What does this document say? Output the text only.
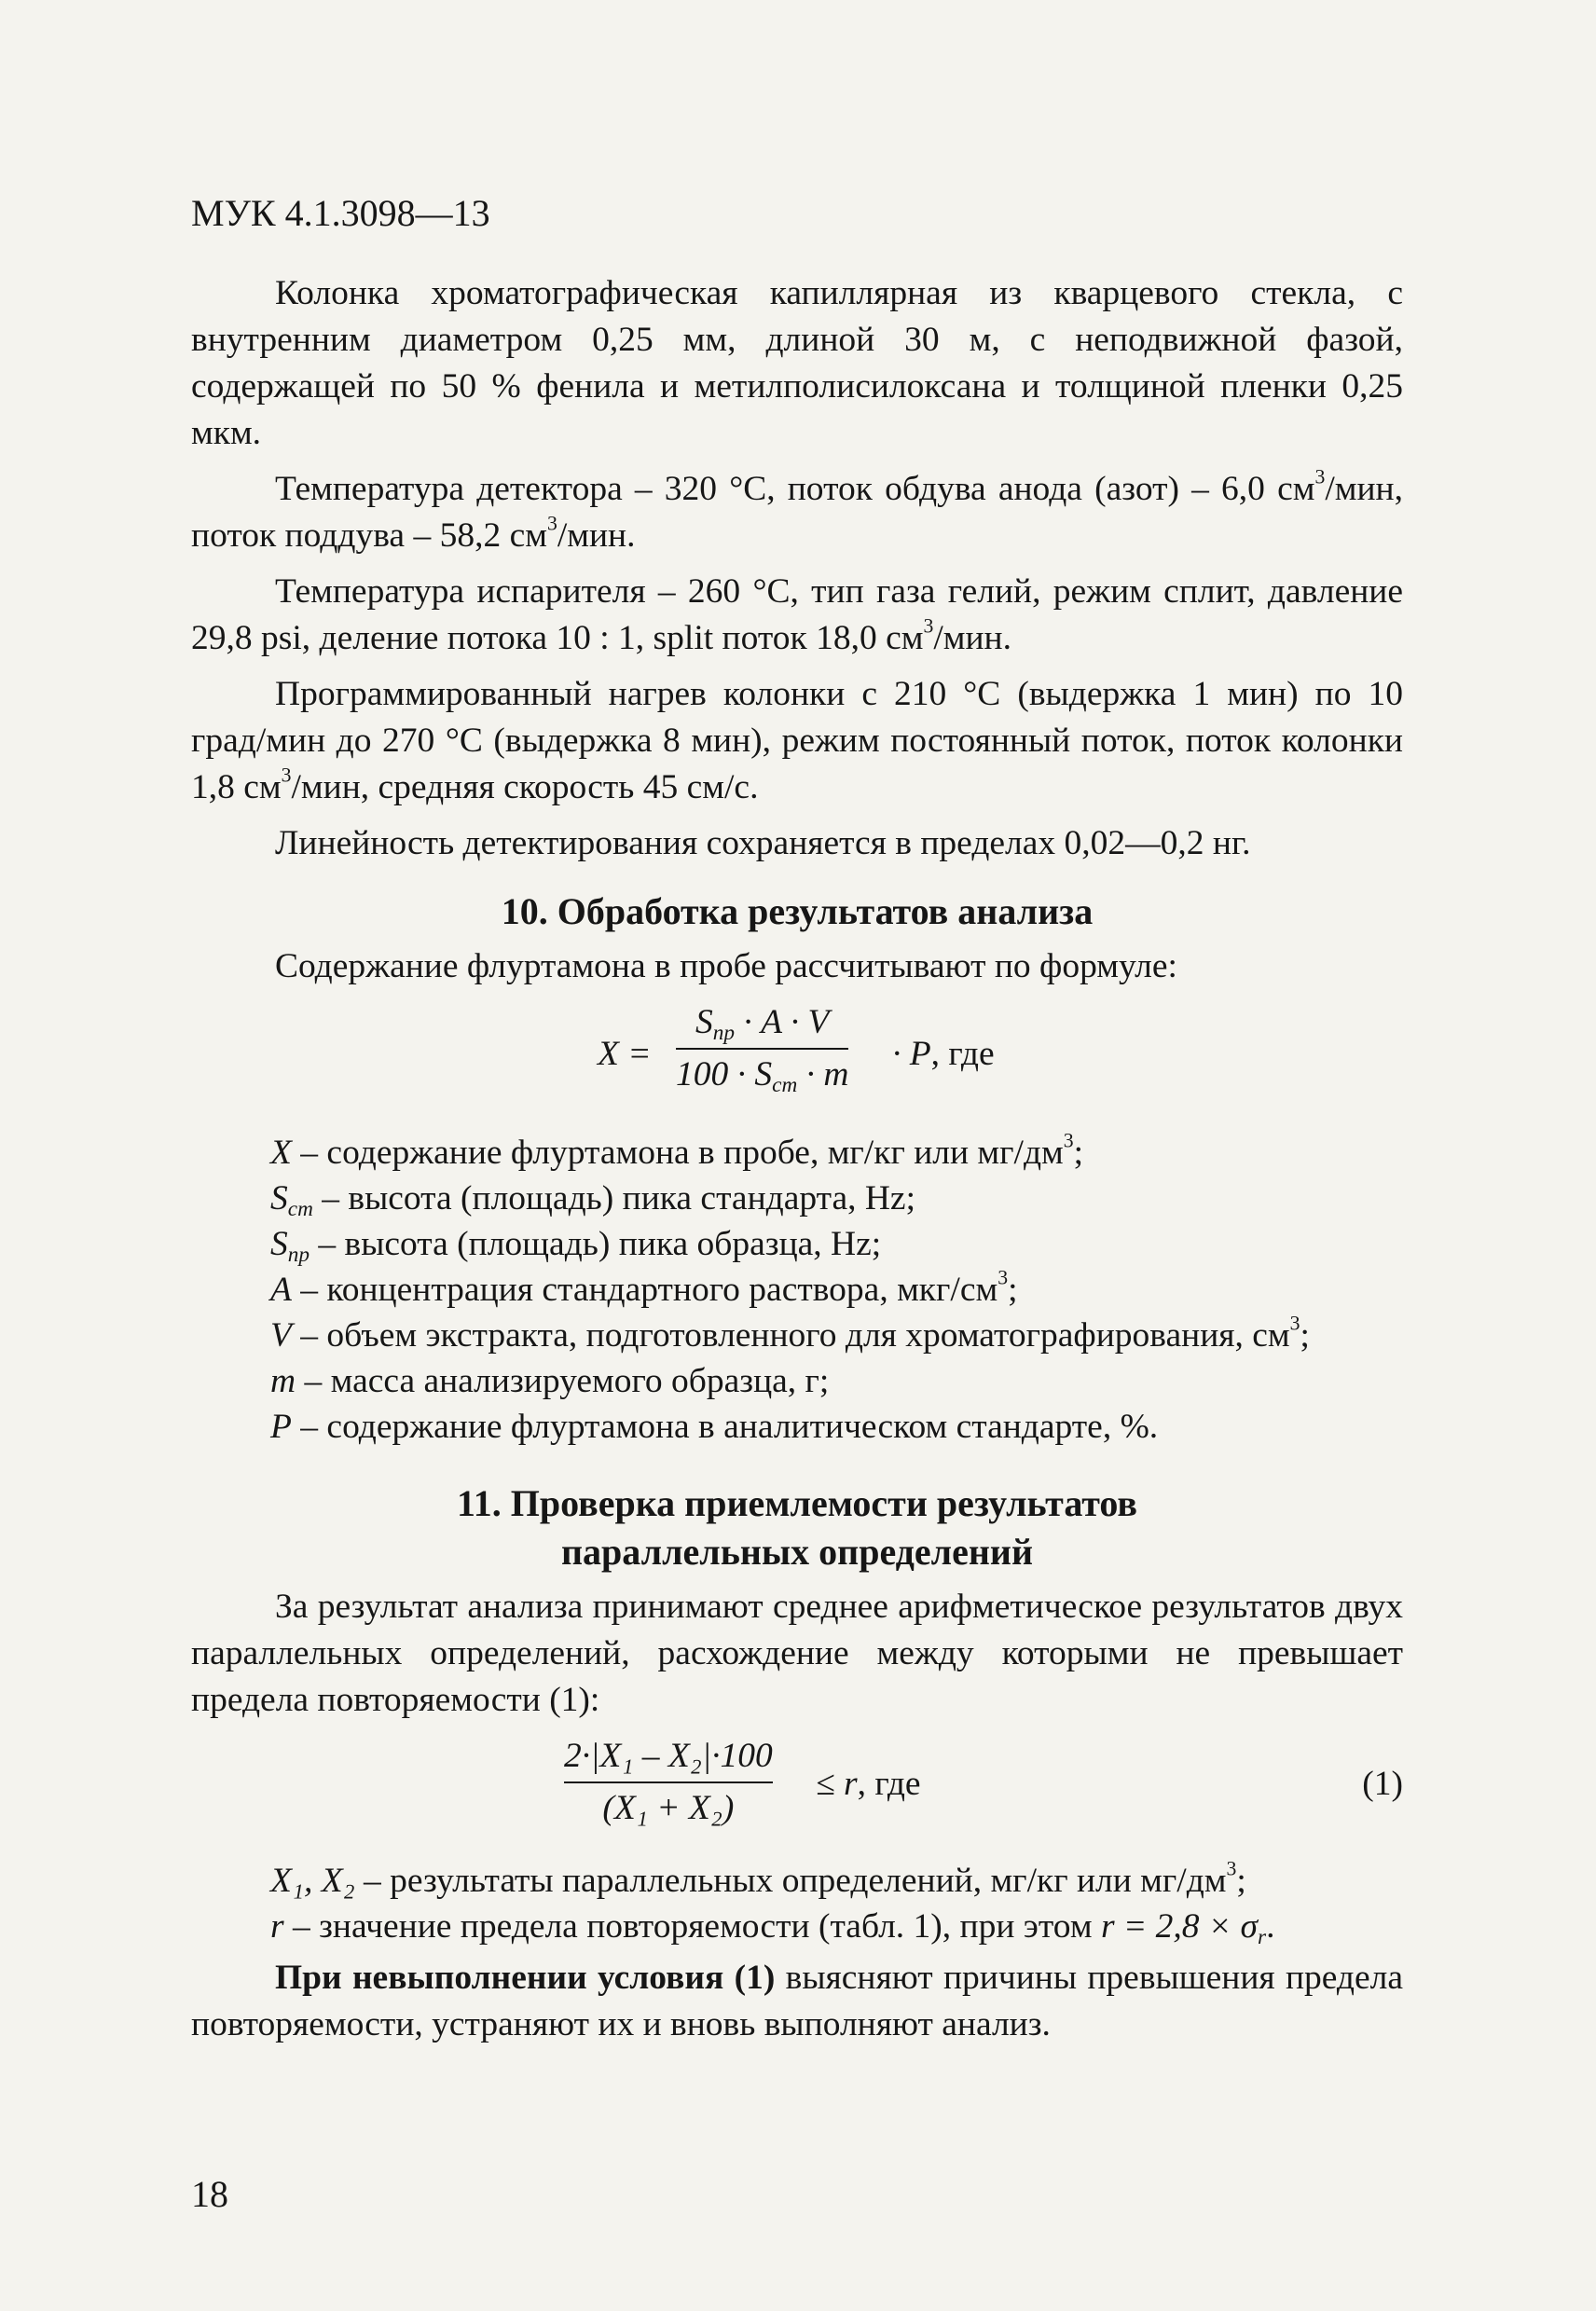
МУК 4.1.3098—13

Колонка хроматографическая капиллярная из кварцевого стекла, с внутренним диаметром 0,25 мм, длиной 30 м, с неподвижной фазой, содержащей по 50 % фенила и метилполисилоксана и толщиной пленки 0,25 мкм.

Температура детектора – 320 °С, поток обдува анода (азот) – 6,0 $см^3$/мин, поток поддува – 58,2 $см^3$/мин.

Температура испарителя – 260 °С, тип газа гелий, режим сплит, давление 29,8 psi, деление потока 10 : 1, split поток 18,0 $см^3$/мин.

Программированный нагрев колонки с 210 °С (выдержка 1 мин) по 10 град/мин до 270 °С (выдержка 8 мин), режим постоянный поток, поток колонки 1,8 $см^3$/мин, средняя скорость 45 см/с.

Линейность детектирования сохраняется в пределах 0,02—0,2 нг.

10. Обработка результатов анализа

Содержание флуртамона в пробе рассчитывают по формуле:

X =
$S_{пр} \cdot A \cdot V$
$100 \cdot S_{ст} \cdot m$
· P, где
X – содержание флуртамона в пробе, мг/кг или $мг/дм^3$;
$S_{ст}$ – высота (площадь) пика стандарта, Hz;
$S_{пр}$ – высота (площадь) пика образца, Hz;
A – концентрация стандартного раствора, мкг/$см^3$;
V – объем экстракта, подготовленного для хроматографирования, $см^3$;
m – масса анализируемого образца, г;
P – содержание флуртамона в аналитическом стандарте, %.
11. Проверка приемлемости результатов
параллельных определений

За результат анализа принимают среднее арифметическое результатов двух параллельных определений, расхождение между которыми не превышает предела повторяемости (1):

2·|X₁ – X₂|·100
(X₁ + X₂)
≤ r, где	(1)
X₁, X₂ – результаты параллельных определений, мг/кг или $мг/дм^3$;
r – значение предела повторяемости (табл. 1), при этом $r = 2,8 \times \sigma_r$.

При невыполнении условия (1) выясняют причины превышения предела повторяемости, устраняют их и вновь выполняют анализ.

18
